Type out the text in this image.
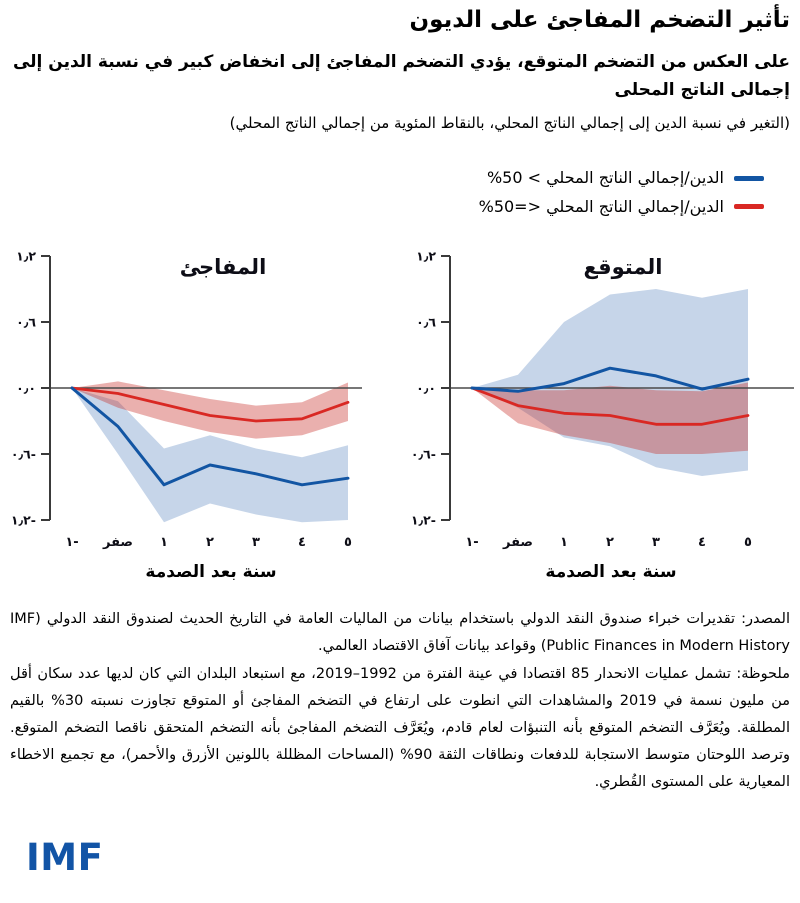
تأثير التضخم المفاجئ على الديون

على العكس من التضخم المتوقع، يؤدي التضخم المفاجئ إلى انخفاض كبير في نسبة الدين إلى إجمالى الناتج المحلى

(التغير في نسبة الدين إلى إجمالي الناتج المحلي، بالنقاط المئوية من إجمالي الناتج المحلي)

الدين/إجمالي الناتج المحلي > 50%
الدين/إجمالي الناتج المحلي <=50%
١٫٢
٠٫٦
٠٫٠
٠٫٦-
١٫٢-
١- صفر ١	٢	٣	٤	٥
المفاجئ
سنة بعد الصدمة
١٫٢
٠٫٦
٠٫٠
٠٫٦-
١٫٢-
١- صفر ١	٢	٣	٤	٥
المتوقع
سنة بعد الصدمة

المصدر: تقديرات خبراء صندوق النقد الدولي باستخدام بيانات من الماليات العامة في التاريخ الحديث لصندوق النقد الدولي (IMF Public Finances in Modern History) وقواعد بيانات آفاق الاقتصاد العالمي.

ملحوظة: تشمل عمليات الانحدار 85 اقتصادا في عينة الفترة من 1992–2019، مع استبعاد البلدان التي كان لديها عدد سكان أقل من مليون نسمة في 2019 والمشاهدات التي انطوت على ارتفاع في التضخم المفاجئ أو المتوقع تجاوزت نسبته 30% بالقيم المطلقة. ويُعَرَّف التضخم المتوقع بأنه التنبؤات لعام قادم، ويُعَرَّف التضخم المفاجئ بأنه التضخم المتحقق ناقصا التضخم المتوقع. وترصد اللوحتان متوسط الاستجابة للدفعات ونطاقات الثقة 90% (المساحات المظللة باللونين الأزرق والأحمر)، مع تجميع الاخطاء المعيارية على المستوى القُطري.

IMF
